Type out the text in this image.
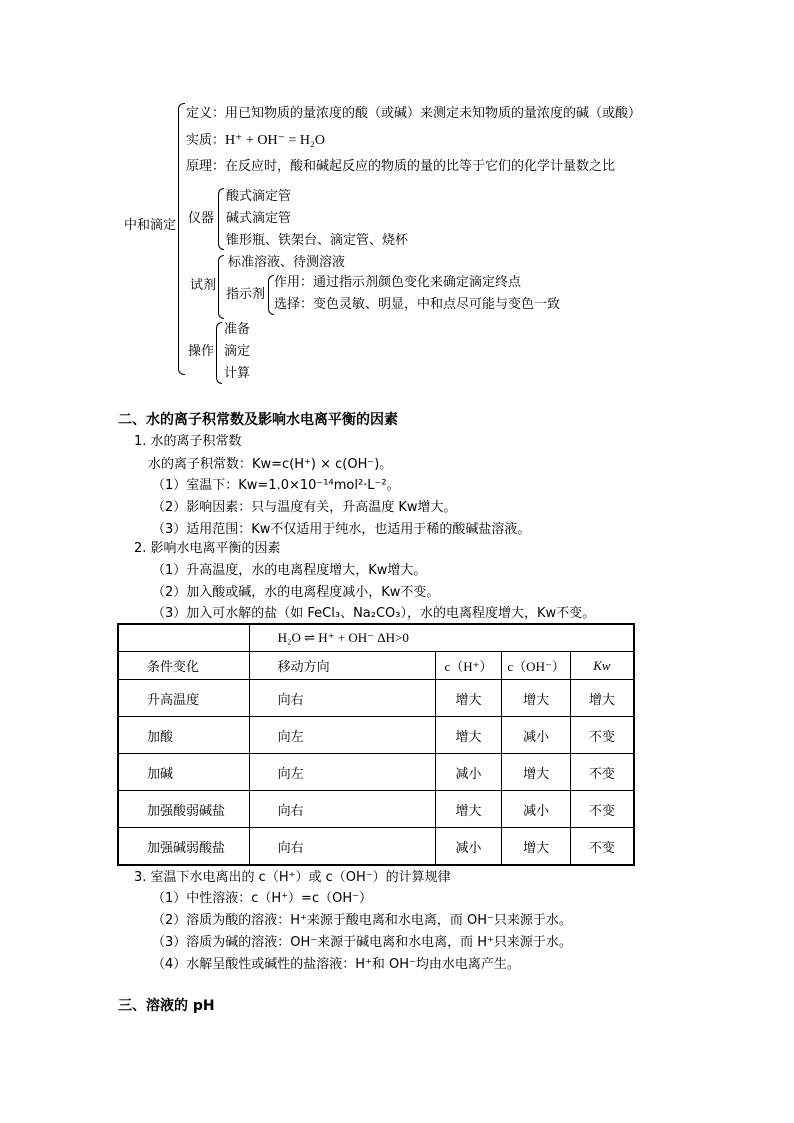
中和滴定
定义：用已知物质的量浓度的酸（或碱）来测定未知物质的量浓度的碱（或酸）
实质：H⁺ + OH⁻ = H₂O
原理：在反应时，酸和碱起反应的物质的量的比等于它们的化学计量数之比
仪器
酸式滴定管
碱式滴定管
锥形瓶、铁架台、滴定管、烧杯
试剂
标准溶液、待测溶液
指示剂
作用：通过指示剂颜色变化来确定滴定终点
选择：变色灵敏、明显，中和点尽可能与变色一致
操作
准备
滴定
计算
二、水的离子积常数及影响水电离平衡的因素
1. 水的离子积常数
水的离子积常数：Kw=c(H⁺) × c(OH⁻)。
（1）室温下：Kw=1.0×10⁻¹⁴mol²·L⁻²。
（2）影响因素：只与温度有关，升高温度 Kw增大。
（3）适用范围：Kw不仅适用于纯水，也适用于稀的酸碱盐溶液。
2. 影响水电离平衡的因素
（1）升高温度，水的电离程度增大，Kw增大。
（2）加入酸或碱，水的电离程度减小，Kw不变。
（3）加入可水解的盐（如 FeCl₃、Na₂CO₃），水的电离程度增大，Kw不变。
	H₂O ⇌ H⁺ + OH⁻ ΔH>0			
条件变化	移动方向	c（H⁺）	c（OH⁻）	Kw
升高温度	向右	增大	增大	增大
加酸	向左	增大	减小	不变
加碱	向左	减小	增大	不变
加强酸弱碱盐	向右	增大	减小	不变
加强碱弱酸盐	向右	减小	增大	不变
3. 室温下水电离出的 c（H⁺）或 c（OH⁻）的计算规律
（1）中性溶液：c（H⁺）=c（OH⁻）
（2）溶质为酸的溶液：H⁺来源于酸电离和水电离，而 OH⁻只来源于水。
（3）溶质为碱的溶液：OH⁻来源于碱电离和水电离，而 H⁺只来源于水。
（4）水解呈酸性或碱性的盐溶液：H⁺和 OH⁻均由水电离产生。
三、溶液的 pH
